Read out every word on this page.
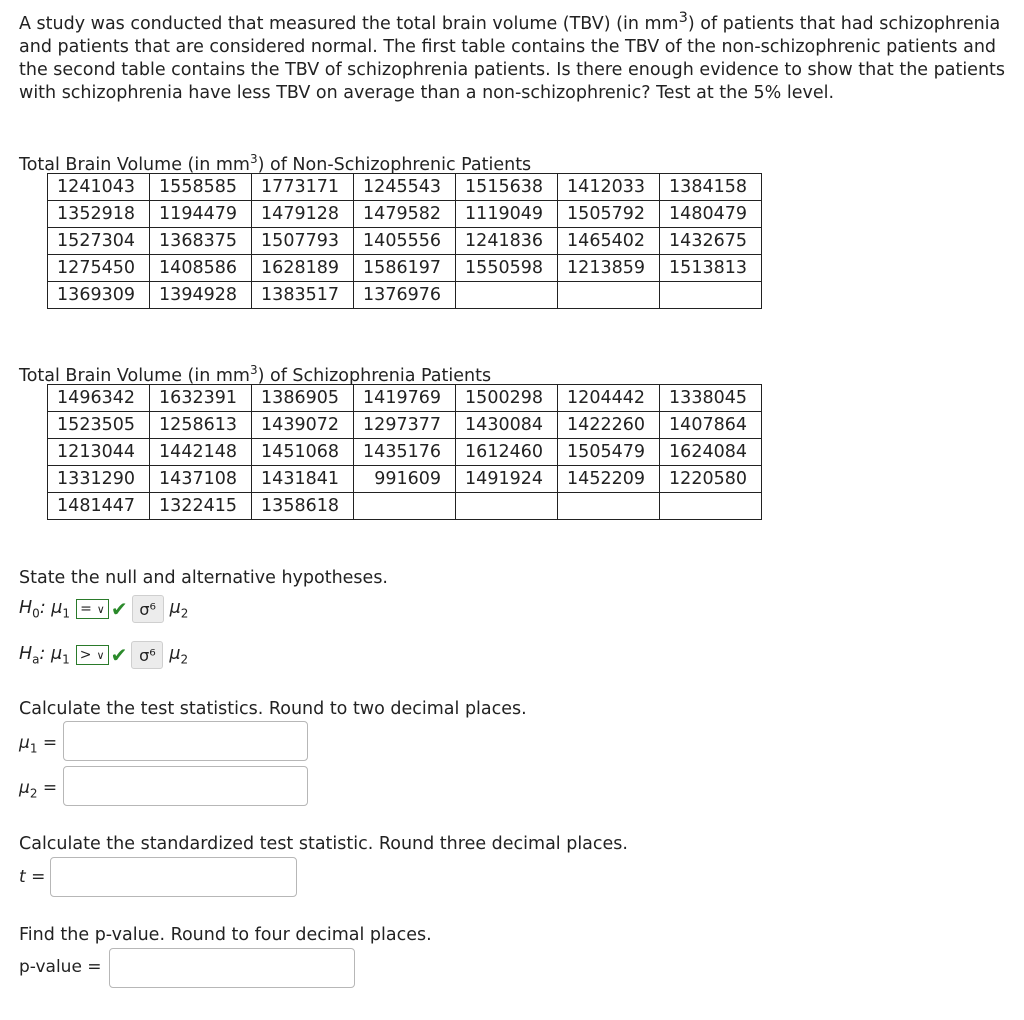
A study was conducted that measured the total brain volume (TBV) (in $mm^3$) of patients that had schizophrenia and patients that are considered normal. The first table contains the TBV of the non-schizophrenic patients and the second table contains the TBV of schizophrenia patients. Is there enough evidence to show that the patients with schizophrenia have less TBV on average than a non-schizophrenic? Test at the 5% level.

Total Brain Volume (in $mm^3$) of Non-Schizophrenic Patients
1241043	1558585	1773171	1245543	1515638	1412033	1384158
1352918	1194479	1479128	1479582	1119049	1505792	1480479
1527304	1368375	1507793	1405556	1241836	1465402	1432675
1275450	1408586	1628189	1586197	1550598	1213859	1513813
1369309	1394928	1383517	1376976			
Total Brain Volume (in $mm^3$) of Schizophrenia Patients
1496342	1632391	1386905	1419769	1500298	1204442	1338045
1523505	1258613	1439072	1297377	1430084	1422260	1407864
1213044	1442148	1451068	1435176	1612460	1505479	1624084
1331290	1437108	1431841	991609	1491924	1452209	1220580
1481447	1322415	1358618				
State the null and alternative hypotheses.
$H_0$: $\mu_1$ = ∨ ✔ σ⁶ $\mu_2$
$H_a$: $\mu_1$ > ∨ ✔ σ⁶ $\mu_2$
Calculate the test statistics. Round to two decimal places.
$\mu_1$ =
$\mu_2$ =
Calculate the standardized test statistic. Round three decimal places.
t =
Find the p-value. Round to four decimal places.
p-value =
